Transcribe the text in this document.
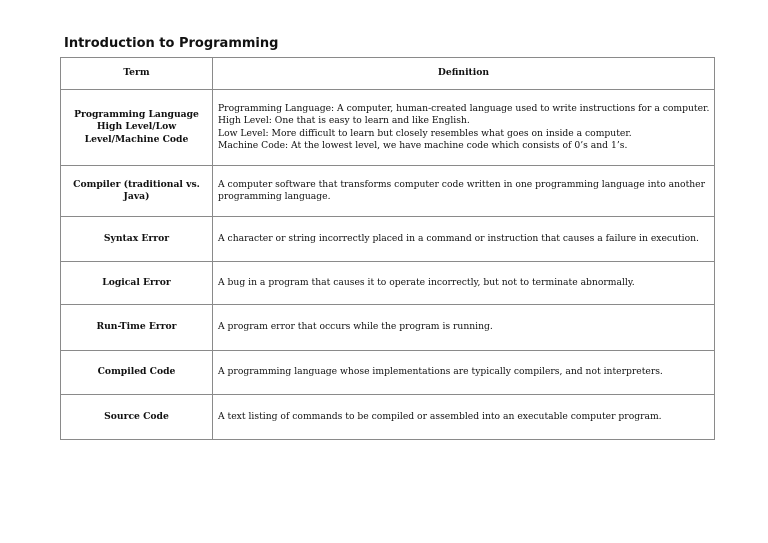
Introduction to Programming
Term	Definition

Programming Language High Level/Low Level/Machine Code	Programming Language: A computer, human-created language used to write instructions for a computer.
High Level: One that is easy to learn and like English.
Low Level: More difficult to learn but closely resembles what goes on inside a computer.
Machine Code: At the lowest level, we have machine code which consists of 0’s and 1’s.

Compiler (traditional vs. Java)	A computer software that transforms computer code written in one programming language into another programming language.
Syntax Error	A character or string incorrectly placed in a command or instruction that causes a failure in execution.
Logical Error	A bug in a program that causes it to operate incorrectly, but not to terminate abnormally.
Run-Time Error	A program error that occurs while the program is running.
Compiled Code	A programming language whose implementations are typically compilers, and not interpreters.
Source Code	A text listing of commands to be compiled or assembled into an executable computer program.
